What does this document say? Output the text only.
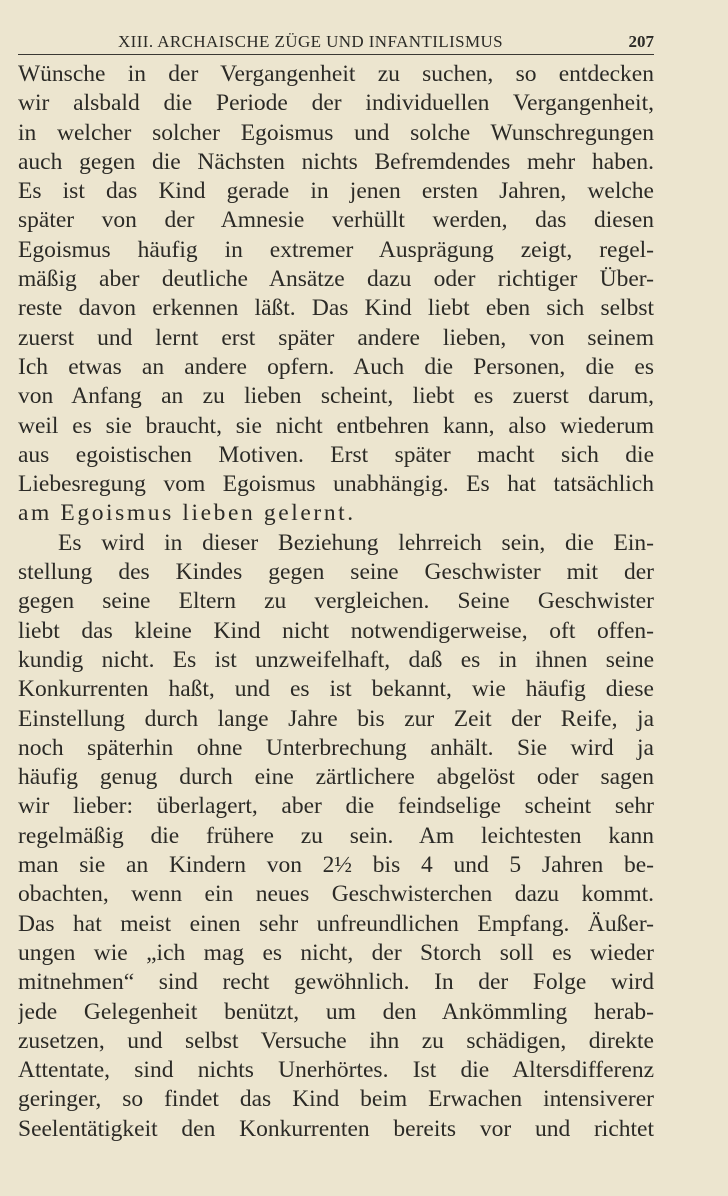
XIII. ARCHAISCHE ZÜGE UND INFANTILISMUS	207
Wünsche in der Vergangenheit zu suchen, so entdecken
wir alsbald die Periode der individuellen Vergangenheit,
in welcher solcher Egoismus und solche Wunschregungen
auch gegen die Nächsten nichts Befremdendes mehr haben.
Es ist das Kind gerade in jenen ersten Jahren, welche
später von der Amnesie verhüllt werden, das diesen
Egoismus häufig in extremer Ausprägung zeigt, regel-
mäßig aber deutliche Ansätze dazu oder richtiger Über-
reste davon erkennen läßt. Das Kind liebt eben sich selbst
zuerst und lernt erst später andere lieben, von seinem
Ich etwas an andere opfern. Auch die Personen, die es
von Anfang an zu lieben scheint, liebt es zuerst darum,
weil es sie braucht, sie nicht entbehren kann, also wiederum
aus egoistischen Motiven. Erst später macht sich die
Liebesregung vom Egoismus unabhängig. Es hat tatsächlich
am Egoismus lieben gelernt.
Es wird in dieser Beziehung lehrreich sein, die Ein-
stellung des Kindes gegen seine Geschwister mit der
gegen seine Eltern zu vergleichen. Seine Geschwister
liebt das kleine Kind nicht notwendigerweise, oft offen-
kundig nicht. Es ist unzweifelhaft, daß es in ihnen seine
Konkurrenten haßt, und es ist bekannt, wie häufig diese
Einstellung durch lange Jahre bis zur Zeit der Reife, ja
noch späterhin ohne Unterbrechung anhält. Sie wird ja
häufig genug durch eine zärtlichere abgelöst oder sagen
wir lieber: überlagert, aber die feindselige scheint sehr
regelmäßig die frühere zu sein. Am leichtesten kann
man sie an Kindern von 2½ bis 4 und 5 Jahren be-
obachten, wenn ein neues Geschwisterchen dazu kommt.
Das hat meist einen sehr unfreundlichen Empfang. Äußer-
ungen wie „ich mag es nicht, der Storch soll es wieder
mitnehmen“ sind recht gewöhnlich. In der Folge wird
jede Gelegenheit benützt, um den Ankömmling herab-
zusetzen, und selbst Versuche ihn zu schädigen, direkte
Attentate, sind nichts Unerhörtes. Ist die Altersdifferenz
geringer, so findet das Kind beim Erwachen intensiverer
Seelentätigkeit den Konkurrenten bereits vor und richtet
